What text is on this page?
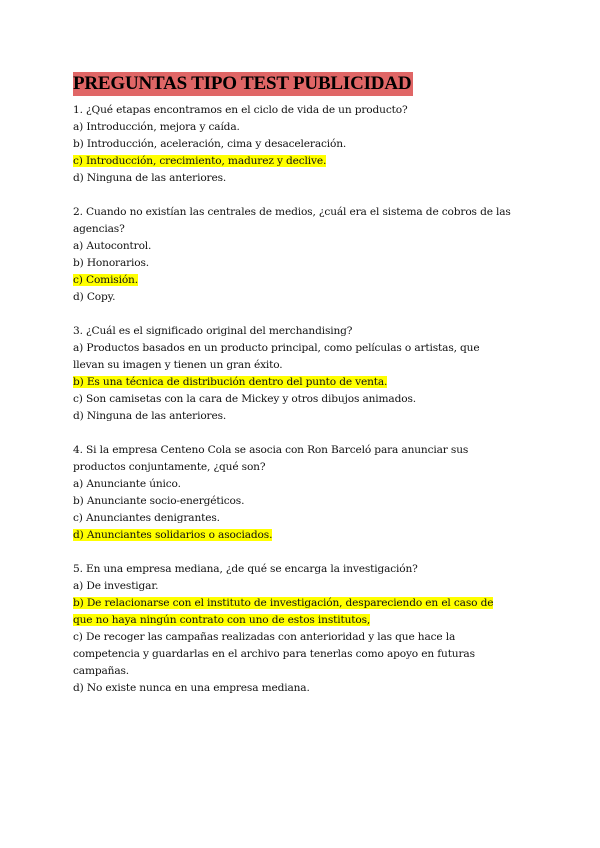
PREGUNTAS TIPO TEST PUBLICIDAD
1. ¿Qué etapas encontramos en el ciclo de vida de un producto?
a) Introducción, mejora y caída.
b) Introducción, aceleración, cima y desaceleración.
c) Introducción, crecimiento, madurez y declive.
d) Ninguna de las anteriores.
2. Cuando no existían las centrales de medios, ¿cuál era el sistema de cobros de las
agencias?
a) Autocontrol.
b) Honorarios.
c) Comisión.
d) Copy.
3. ¿Cuál es el significado original del merchandising?
a) Productos basados en un producto principal, como películas o artistas, que
llevan su imagen y tienen un gran éxito.
b) Es una técnica de distribución dentro del punto de venta.
c) Son camisetas con la cara de Mickey y otros dibujos animados.
d) Ninguna de las anteriores.
4. Si la empresa Centeno Cola se asocia con Ron Barceló para anunciar sus
productos conjuntamente, ¿qué son?
a) Anunciante único.
b) Anunciante socio-energéticos.
c) Anunciantes denigrantes.
d) Anunciantes solidarios o asociados.
5. En una empresa mediana, ¿de qué se encarga la investigación?
a) De investigar.
b) De relacionarse con el instituto de investigación, despareciendo en el caso de
que no haya ningún contrato con uno de estos institutos,
c) De recoger las campañas realizadas con anterioridad y las que hace la
competencia y guardarlas en el archivo para tenerlas como apoyo en futuras
campañas.
d) No existe nunca en una empresa mediana.
